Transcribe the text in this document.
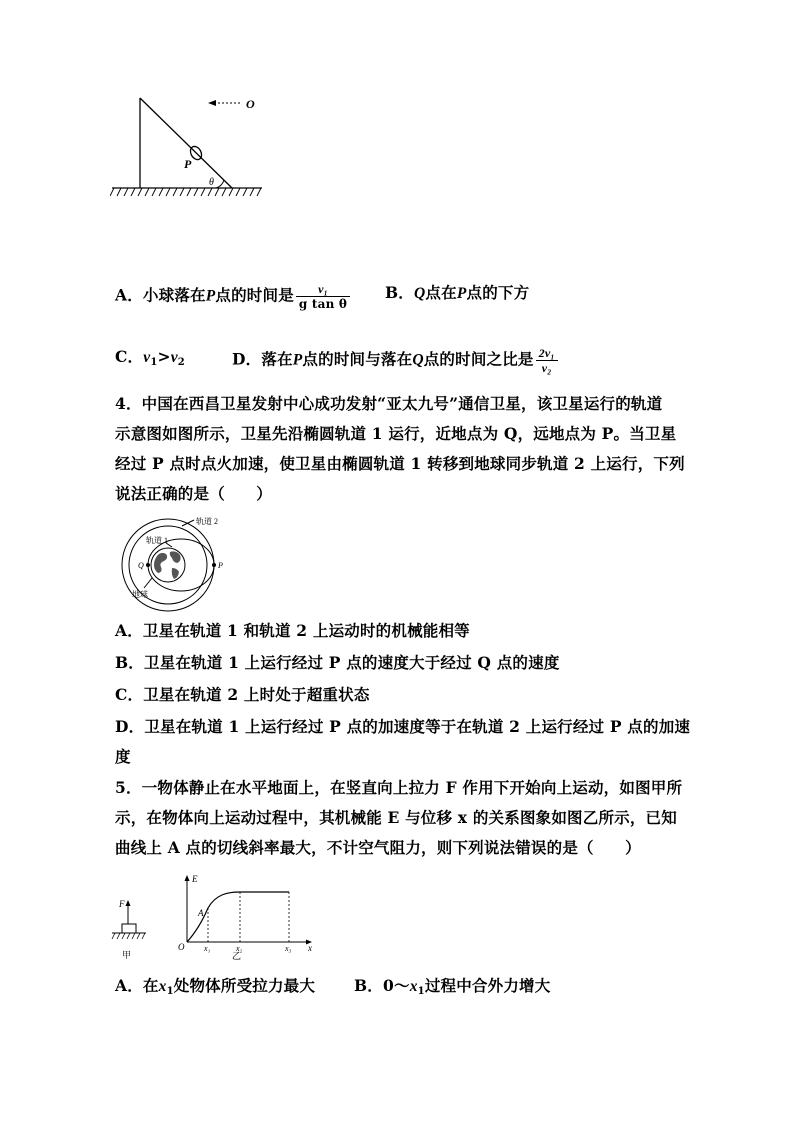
O
P
θ
A．小球落在P点的时间是 $\frac{\text{v₁}}{\text{g tan θ}}$ B．Q点在P点的下方
C．$v_1>v_2$	D．落在P点的时间与落在Q点的时间之比是 $\frac{\text{2v₁}}{\text{v₂}}$
4．中国在西昌卫星发射中心成功发射“亚太九号”通信卫星，该卫星运行的轨道
示意图如图所示，卫星先沿椭圆轨道 1 运行，近地点为 Q，远地点为 P。当卫星
经过 P 点时点火加速，使卫星由椭圆轨道 1 转移到地球同步轨道 2 上运行，下列
说法正确的是（　　）
轨道 2
轨道 1
Q	P
地球
A．卫星在轨道 1 和轨道 2 上运动时的机械能相等
B．卫星在轨道 1 上运行经过 P 点的速度大于经过 Q 点的速度
C．卫星在轨道 2 上时处于超重状态
D．卫星在轨道 1 上运行经过 P 点的加速度等于在轨道 2 上运行经过 P 点的加速
度
5．一物体静止在水平地面上，在竖直向上拉力 F 作用下开始向上运动，如图甲所
示，在物体向上运动过程中，其机械能 E 与位移 x 的关系图象如图乙所示，已知
曲线上 A 点的切线斜率最大，不计空气阻力，则下列说法错误的是（　　）
F
甲
E
A
O x₁	x₂	x₃ x
乙
A．在$x_1$处物体所受拉力最大	B．$0\sim x_1$过程中合外力增大
